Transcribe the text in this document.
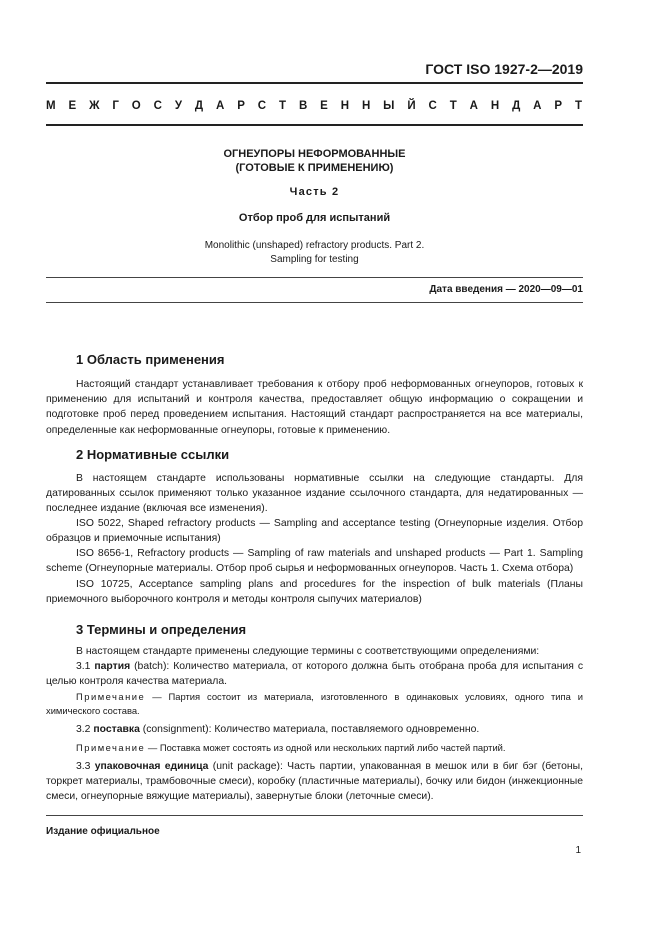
ГОСТ ISO 1927-2—2019
М Е Ж Г О С У Д А Р С Т В Е Н Н Ы Й С Т А Н Д А Р Т
ОГНЕУПОРЫ НЕФОРМОВАННЫЕ
(ГОТОВЫЕ К ПРИМЕНЕНИЮ)
Часть 2
Отбор проб для испытаний
Monolithic (unshaped) refractory products. Part 2.
Sampling for testing
Дата введения — 2020—09—01
1 Область применения
Настоящий стандарт устанавливает требования к отбору проб неформованных огнеупоров, готовых к применению для испытаний и контроля качества, предоставляет общую информацию о сокращении и подготовке проб перед проведением испытания. Настоящий стандарт распространяется на все материалы, определенные как неформованные огнеупоры, готовые к применению.
2 Нормативные ссылки
В настоящем стандарте использованы нормативные ссылки на следующие стандарты. Для датированных ссылок применяют только указанное издание ссылочного стандарта, для недатированных — последнее издание (включая все изменения).
ISO 5022, Shaped refractory products — Sampling and acceptance testing (Огнеупорные изделия. Отбор образцов и приемочные испытания)
ISO 8656-1, Refractory products — Sampling of raw materials and unshaped products — Part 1. Sampling scheme (Огнеупорные материалы. Отбор проб сырья и неформованных огнеупоров. Часть 1. Схема отбора)
ISO 10725, Acceptance sampling plans and procedures for the inspection of bulk materials (Планы приемочного выборочного контроля и методы контроля сыпучих материалов)
3 Термины и определения
В настоящем стандарте применены следующие термины с соответствующими определениями:
3.1 партия (batch): Количество материала, от которого должна быть отобрана проба для испытания с целью контроля качества материала.
Примечание — Партия состоит из материала, изготовленного в одинаковых условиях, одного типа и химического состава.
3.2 поставка (consignment): Количество материала, поставляемого одновременно.
Примечание — Поставка может состоять из одной или нескольких партий либо частей партий.
3.3 упаковочная единица (unit package): Часть партии, упакованная в мешок или в биг бэг (бетоны, торкрет материалы, трамбовочные смеси), коробку (пластичные материалы), бочку или бидон (инжекционные смеси, огнеупорные вяжущие материалы), завернутые блоки (леточные смеси).
Издание официальное
1
